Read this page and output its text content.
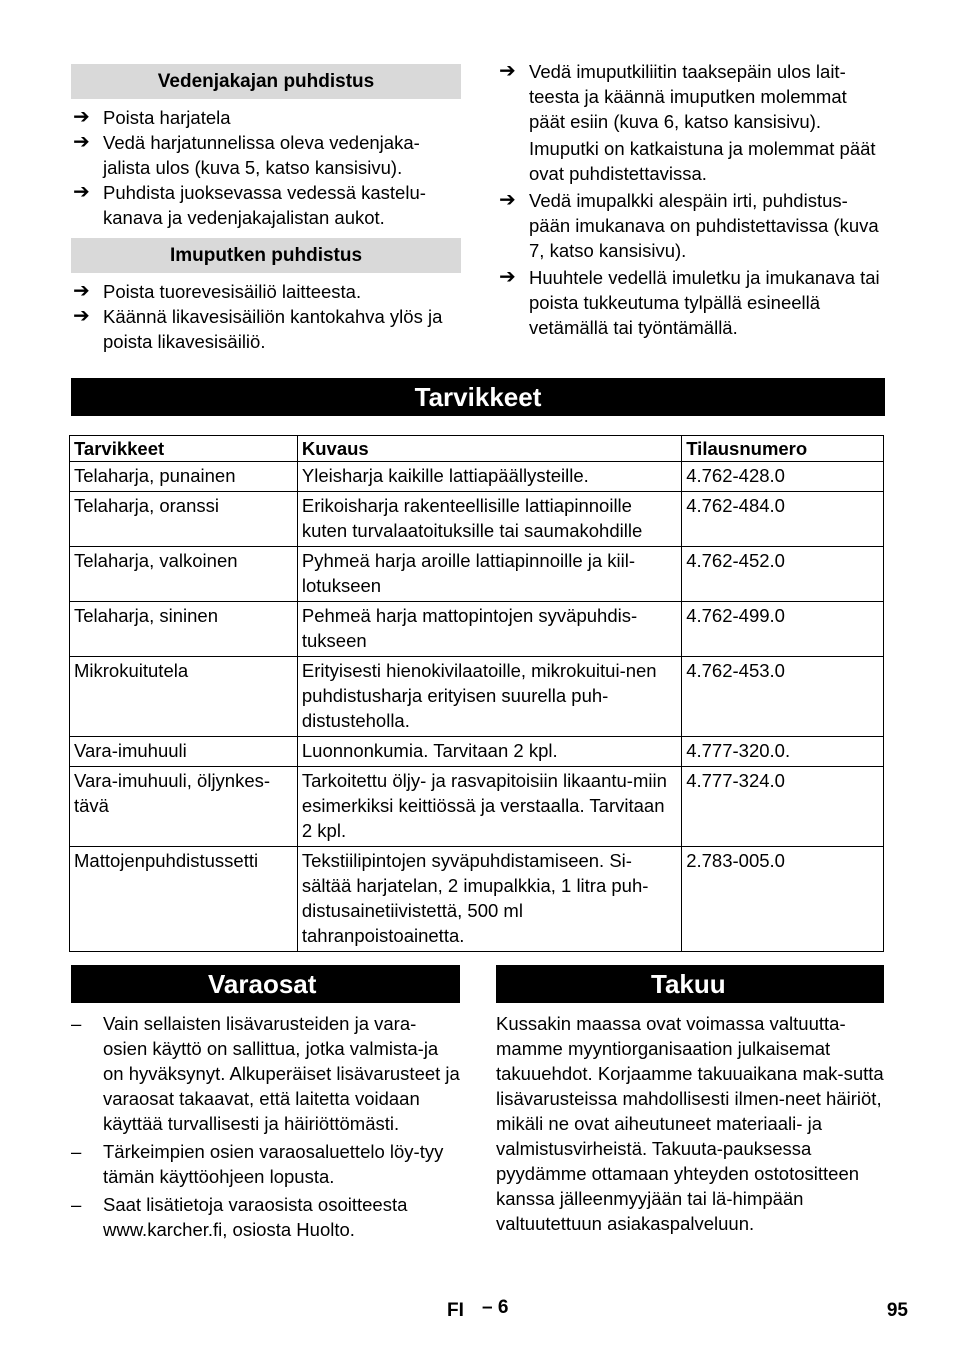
Vedenjakajan puhdistus
➔ Poista harjatela
➔ Vedä harjatunnelissa oleva vedenjaka-jalista ulos (kuva 5, katso kansisivu).
➔ Puhdista juoksevassa vedessä kastelu-kanava ja vedenjakajalistan aukot.
Imuputken puhdistus
➔ Poista tuorevesisäiliö laitteesta.
➔ Käännä likavesisäiliön kantokahva ylös ja poista likavesisäiliö.
➔ Vedä imuputkiliitin taaksepäin ulos lait-teesta ja käännä imuputken molemmat päät esiin (kuva 6, katso kansisivu).
Imuputki on katkaistuna ja molemmat päät ovat puhdistettavissa.
➔ Vedä imupalkki alespäin irti, puhdistus-pään imukanava on puhdistettavissa (kuva 7, katso kansisivu).
➔ Huuhtele vedellä imuletku ja imukanava tai poista tukkeutuma tylpällä esineellä vetämällä tai työntämällä.
Tarvikkeet
Tarvikkeet	Kuvaus	Tilausnumero
Telaharja, punainen	Yleisharja kaikille lattiapäällysteille.	4.762-428.0
Telaharja, oranssi	Erikoisharja rakenteellisille lattiapinnoille kuten turvalaatoituksille tai saumakohdille	4.762-484.0
Telaharja, valkoinen	Pyhmeä harja aroille lattiapinnoille ja kiil-lotukseen	4.762-452.0
Telaharja, sininen	Pehmeä harja mattopintojen syväpuhdis-tukseen	4.762-499.0
Mikrokuitutela	Erityisesti hienokivilaatoille, mikrokuitui-nen puhdistusharja erityisen suurella puh-distusteholla.	4.762-453.0
Vara-imuhuuli	Luonnonkumia. Tarvitaan 2 kpl.	4.777-320.0.
Vara-imuhuuli, öljynkes-tävä	Tarkoitettu öljy- ja rasvapitoisiin likaantu-miin esimerkiksi keittiössä ja verstaalla. Tarvitaan 2 kpl.	4.777-324.0
Mattojenpuhdistussetti	Tekstiilipintojen syväpuhdistamiseen. Si-sältää harjatelan, 2 imupalkkia, 1 litra puh-distusainetiivistettä, 500 ml tahranpoistoainetta.	2.783-005.0
Varaosat
– Vain sellaisten lisävarusteiden ja vara-osien käyttö on sallittua, jotka valmista-ja on hyväksynyt. Alkuperäiset lisävarusteet ja varaosat takaavat, että laitetta voidaan käyttää turvallisesti ja häiriöttömästi.
– Tärkeimpien osien varaosaluettelo löy-tyy tämän käyttöohjeen lopusta.
– Saat lisätietoja varaosista osoitteesta www.karcher.fi, osiosta Huolto.
Takuu
Kussakin maassa ovat voimassa valtuutta-mamme myyntiorganisaation julkaisemat takuuehdot. Korjaamme takuuaikana mak-sutta lisävarusteissa mahdollisesti ilmen-neet häiriöt, mikäli ne ovat aiheutuneet materiaali- ja valmistusvirheistä. Takuuta-pauksessa pyydämme ottamaan yhteyden ostotositteen kanssa jälleenmyyjään tai lä-himpään valtuutettuun asiakaspalveluun.
FI – 6	95
